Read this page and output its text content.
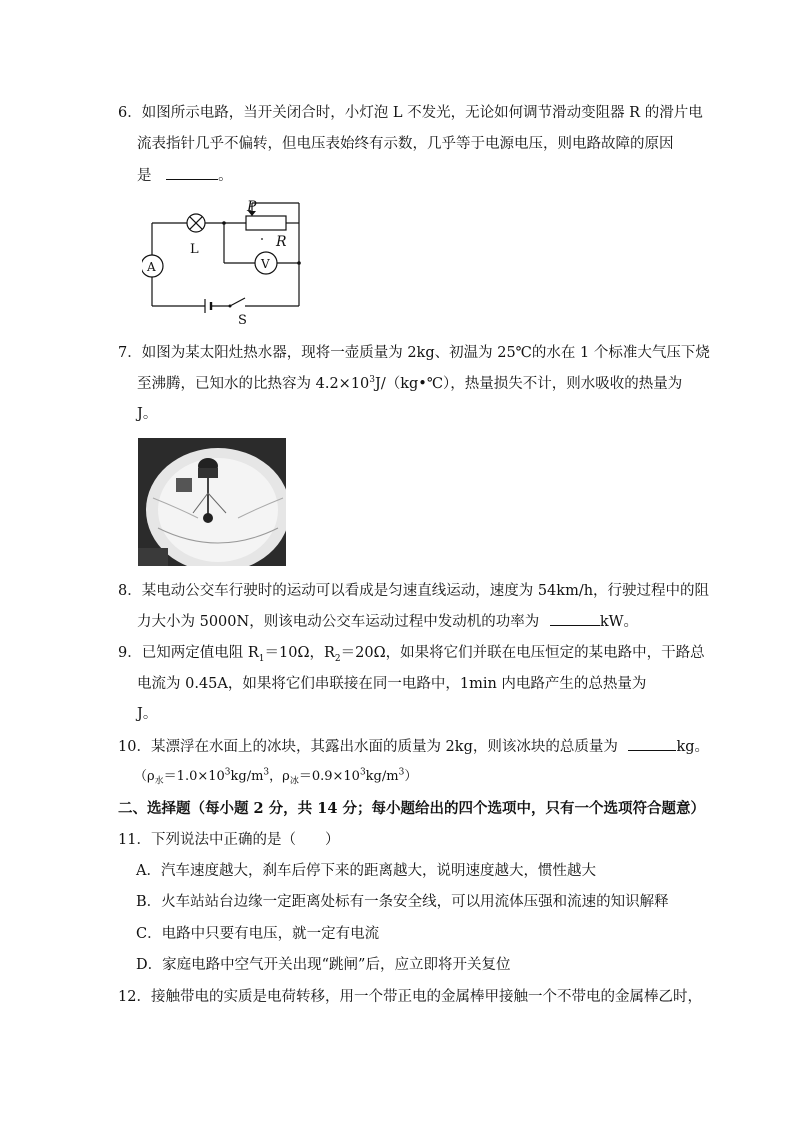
6．如图所示电路，当开关闭合时，小灯泡 L 不发光，无论如何调节滑动变阻器 R 的滑片电
流表指针几乎不偏转，但电压表始终有示数，几乎等于电源电压，则电路故障的原因
是	。
P
R
L
A	V
S
7．如图为某太阳灶热水器，现将一壶质量为 2kg、初温为 25℃的水在 1 个标准大气压下烧
至沸腾，已知水的比热容为 $4.2\times 10^3J/(kg•℃)$，热量损失不计，则水吸收的热量为
J。
8．某电动公交车行驶时的运动可以看成是匀速直线运动，速度为 54km/h，行驶过程中的阻
力大小为 5000N，则该电动公交车运动过程中发动机的功率为	kW。
9．已知两定值电阻 $R_1=10\Omega$，$R_2=20\Omega$，如果将它们并联在电压恒定的某电路中，干路总
电流为 0.45A，如果将它们串联接在同一电路中，1min 内电路产生的总热量为
J。
10．某漂浮在水面上的冰块，其露出水面的质量为 2kg，则该冰块的总质量为	kg。
（$\rho_水=1.0\times 10^3kg/m^3$，$\rho_冰=0.9\times 10^3kg/m^3$）
二、选择题（每小题 2 分，共 14 分；每小题给出的四个选项中，只有一个选项符合题意）
11．下列说法中正确的是（　　）
A．汽车速度越大，刹车后停下来的距离越大，说明速度越大，惯性越大
B．火车站站台边缘一定距离处标有一条安全线，可以用流体压强和流速的知识解释
C．电路中只要有电压，就一定有电流
D．家庭电路中空气开关出现“跳闸”后，应立即将开关复位
12．接触带电的实质是电荷转移，用一个带正电的金属棒甲接触一个不带电的金属棒乙时，
